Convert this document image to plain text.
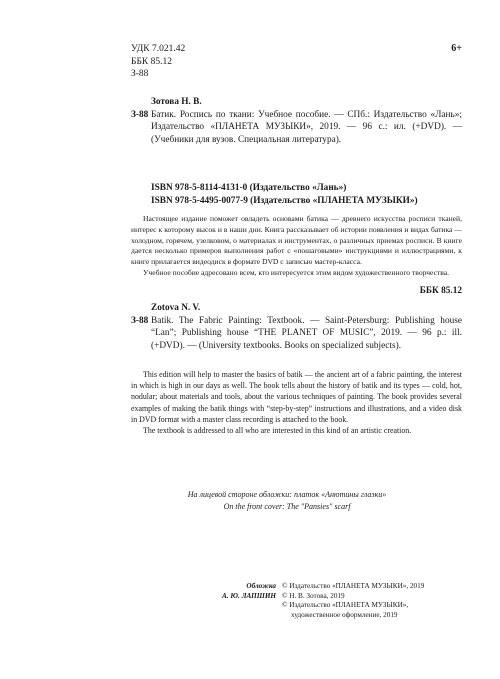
УДК 7.021.42
ББК 85.12
З-88
6+
Зотова Н. В.
З-88 Батик. Роспись по ткани: Учебное пособие. — СПб.: Издательство «Лань»; Издательство «ПЛАНЕТА МУЗЫКИ», 2019. — 96 с.: ил. (+DVD). — (Учебники для вузов. Специальная литература).
ISBN 978-5-8114-4131-0 (Издательство «Лань»)
ISBN 978-5-4495-0077-9 (Издательство «ПЛАНЕТА МУЗЫКИ»)

Настоящее издание поможет овладеть основами батика — древнего искусства росписи тканей, интерес к которому высок и в наши дни. Книга рассказывает об истории появления и видах батика — холодном, горячем, узелковом, о материалах и инструментах, о различных приемах росписи. В книге дается несколько примеров выполнения работ с «пошаговыми» инструкциями и иллюстрациями, к книге прилагается видеодиск в формате DVD с записью мастер-класса.

Учебное пособие адресовано всем, кто интересуется этим видом художественного творчества.

ББК 85.12
Zotova N. V.
З-88 Batik. The Fabric Painting: Textbook. — Saint-Petersburg: Publishing house “Lan”; Publishing house “THE PLANET OF MUSIC”, 2019. — 96 p.: ill. (+DVD). — (University textbooks. Books on specialized subjects).

This edition will help to master the basics of batik — the ancient art of a fabric painting, the interest in which is high in our days as well. The book tells about the history of batik and its types — cold, hot, nodular; about materials and tools, about the various techniques of painting. The book provides several examples of making the batik things with “step-by-step” instructions and illustrations, and a video disk in DVD format with a master class recording is attached to the book.

The textbook is addressed to all who are interested in this kind of an artistic creation.

На лицевой стороне обложки: платок «Анютины глазки»
On the front cover: The "Pansies" scarf
Обложка
А. Ю. ЛАПШИН
© Издательство «ПЛАНЕТА МУЗЫКИ», 2019
© Н. В. Зотова, 2019
© Издательство «ПЛАНЕТА МУЗЫКИ»,
художественное оформление, 2019
